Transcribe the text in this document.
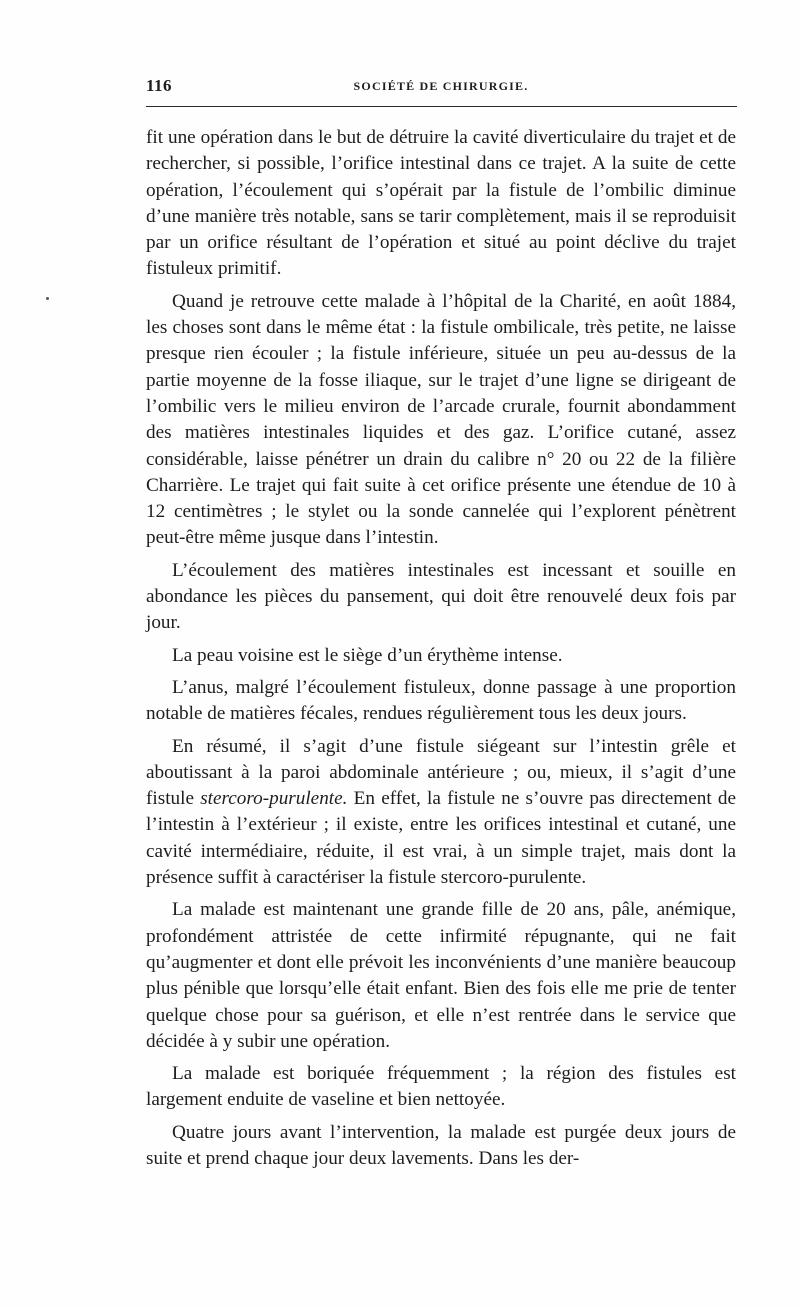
116	SOCIÉTÉ DE CHIRURGIE.

fit une opération dans le but de détruire la cavité diverticulaire du trajet et de rechercher, si possible, l’orifice intestinal dans ce trajet. A la suite de cette opération, l’écoulement qui s’opérait par la fistule de l’ombilic diminue d’une manière très notable, sans se tarir complètement, mais il se reproduisit par un orifice résultant de l’opération et situé au point déclive du trajet fistuleux primitif.

Quand je retrouve cette malade à l’hôpital de la Charité, en août 1884, les choses sont dans le même état : la fistule ombilicale, très petite, ne laisse presque rien écouler ; la fistule inférieure, située un peu au-dessus de la partie moyenne de la fosse iliaque, sur le trajet d’une ligne se dirigeant de l’ombilic vers le milieu environ de l’arcade crurale, fournit abondamment des matières intestinales liquides et des gaz. L’orifice cutané, assez considérable, laisse pénétrer un drain du calibre n° 20 ou 22 de la filière Charrière. Le trajet qui fait suite à cet orifice présente une étendue de 10 à 12 centimètres ; le stylet ou la sonde cannelée qui l’explorent pénètrent peut-être même jusque dans l’intestin.

L’écoulement des matières intestinales est incessant et souille en abondance les pièces du pansement, qui doit être renouvelé deux fois par jour.

La peau voisine est le siège d’un érythème intense.

L’anus, malgré l’écoulement fistuleux, donne passage à une proportion notable de matières fécales, rendues régulièrement tous les deux jours.

En résumé, il s’agit d’une fistule siégeant sur l’intestin grêle et aboutissant à la paroi abdominale antérieure ; ou, mieux, il s’agit d’une fistule stercoro-purulente. En effet, la fistule ne s’ouvre pas directement de l’intestin à l’extérieur ; il existe, entre les orifices intestinal et cutané, une cavité intermédiaire, réduite, il est vrai, à un simple trajet, mais dont la présence suffit à caractériser la fistule stercoro-purulente.

La malade est maintenant une grande fille de 20 ans, pâle, anémique, profondément attristée de cette infirmité répugnante, qui ne fait qu’augmenter et dont elle prévoit les inconvénients d’une manière beaucoup plus pénible que lorsqu’elle était enfant. Bien des fois elle me prie de tenter quelque chose pour sa guérison, et elle n’est rentrée dans le service que décidée à y subir une opération.

La malade est boriquée fréquemment ; la région des fistules est largement enduite de vaseline et bien nettoyée.

Quatre jours avant l’intervention, la malade est purgée deux jours de suite et prend chaque jour deux lavements. Dans les der-
